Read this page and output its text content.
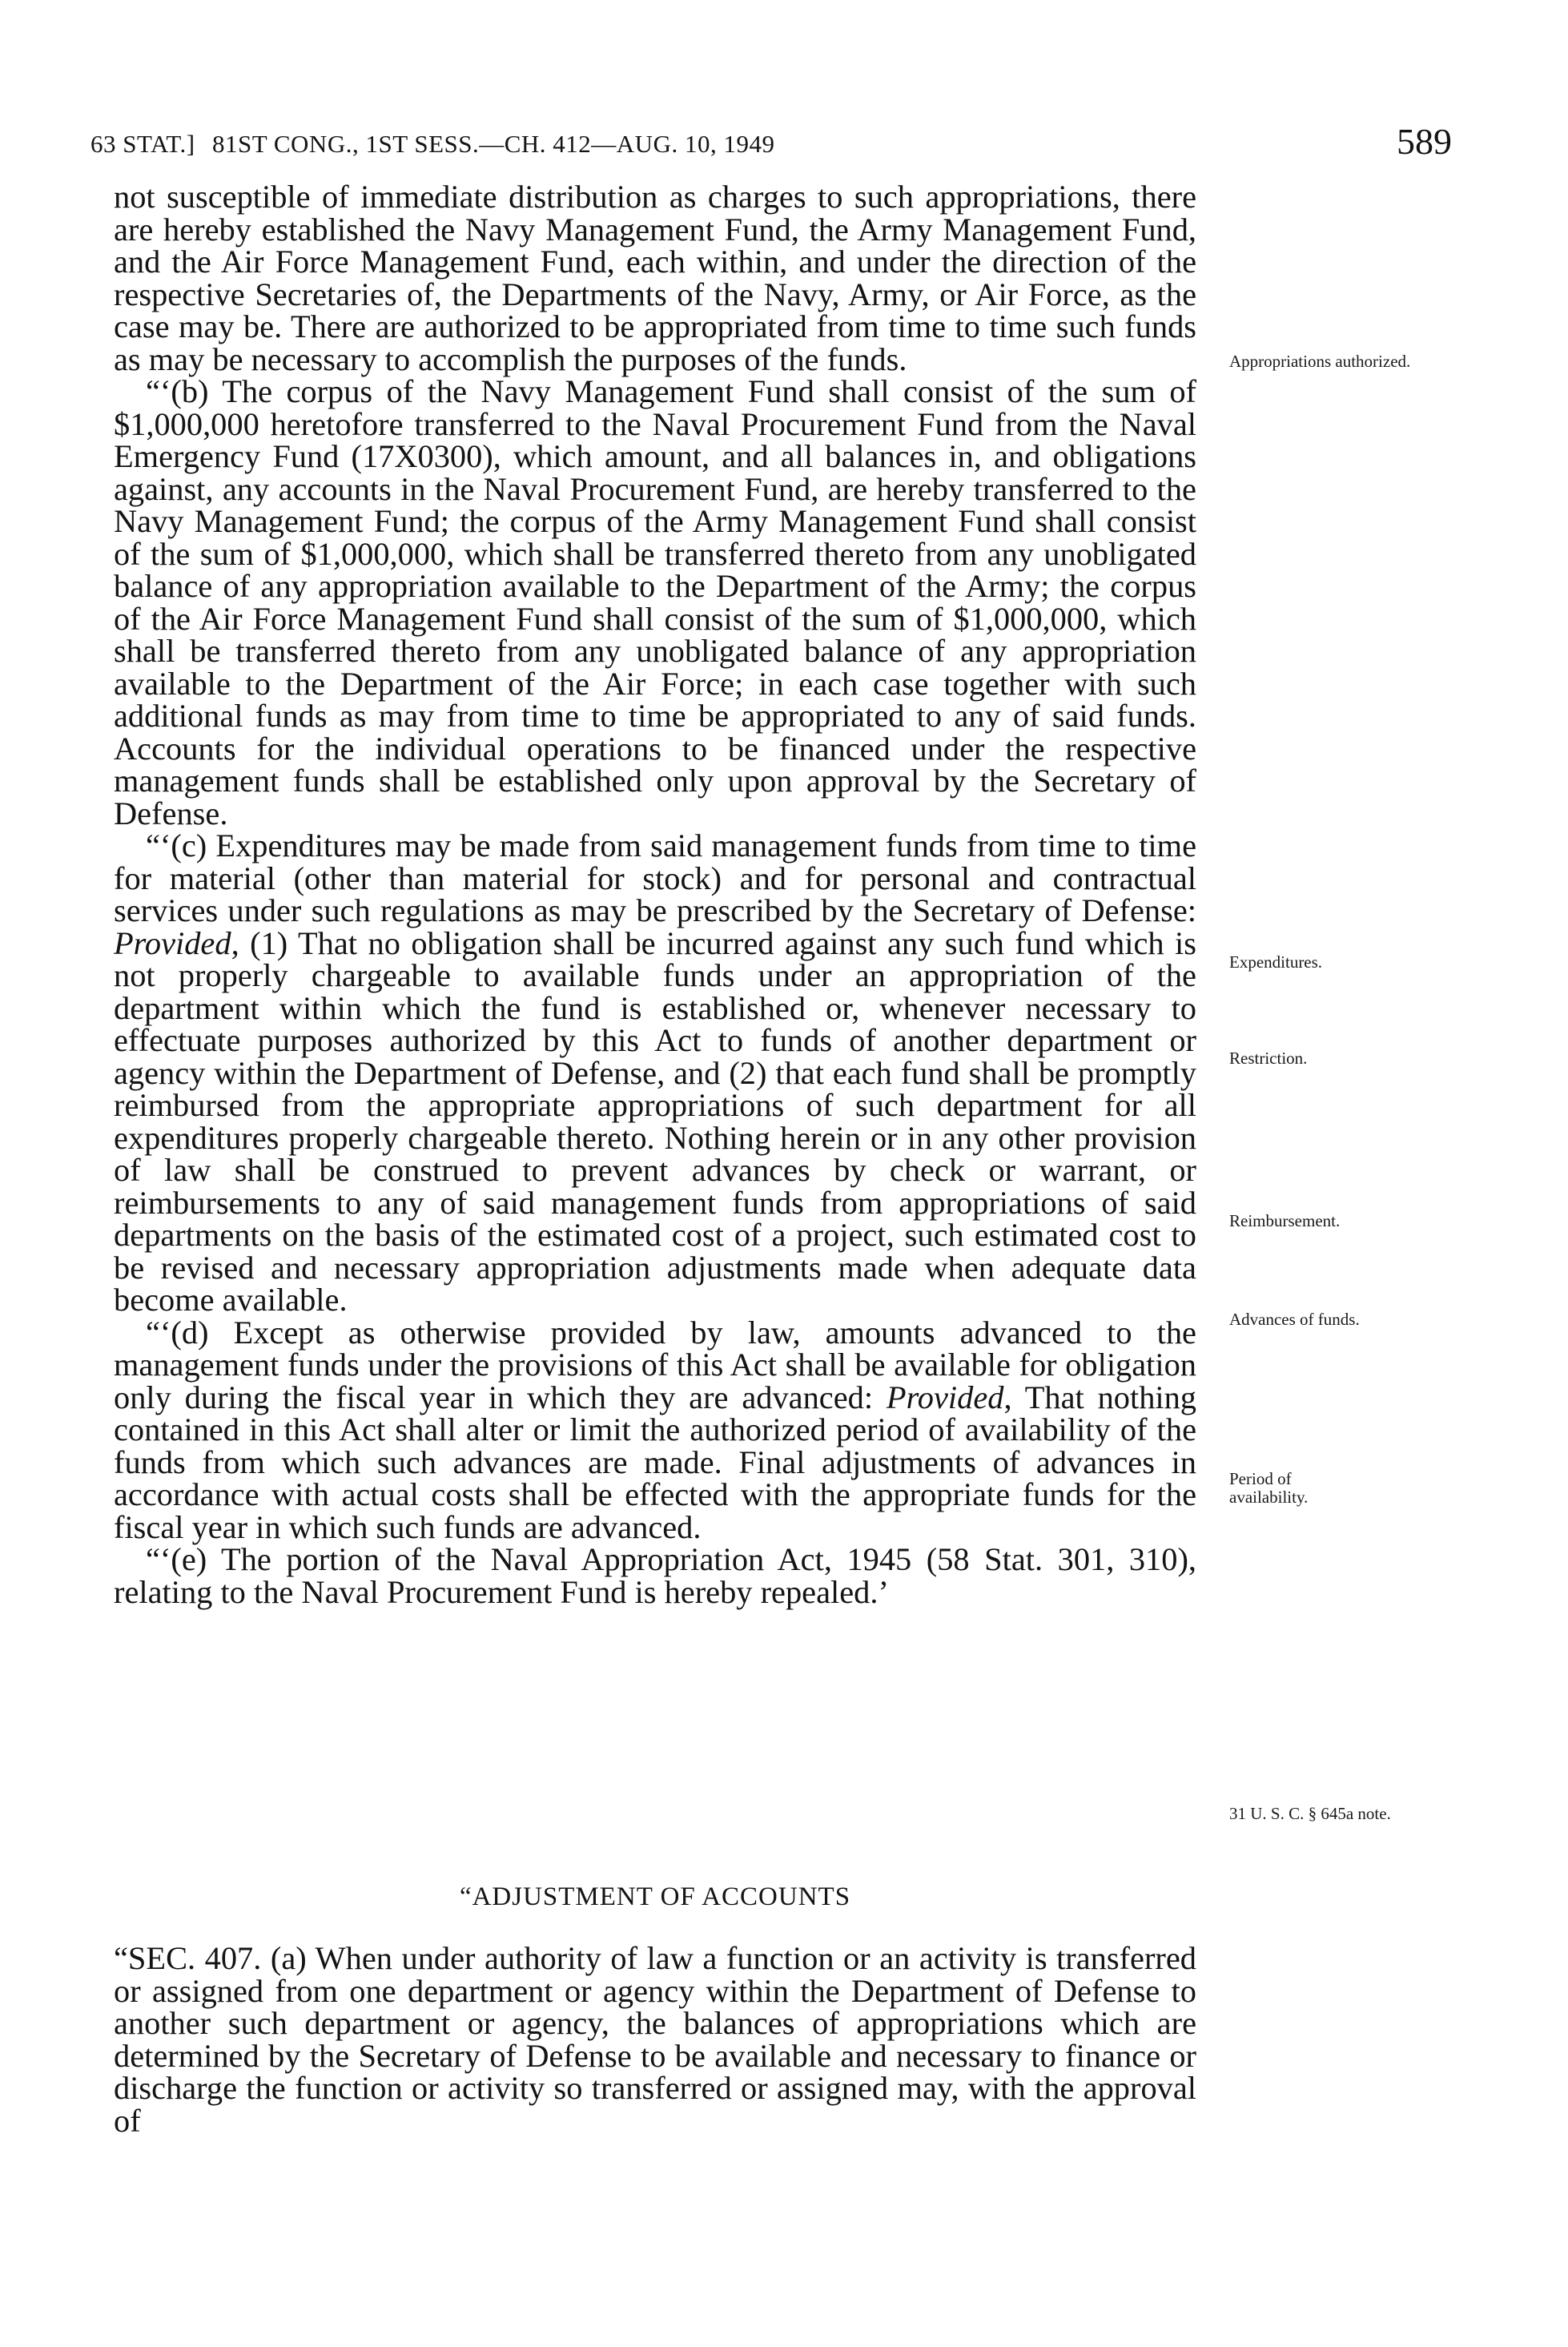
63 STAT.] 81ST CONG., 1ST SESS.—CH. 412—AUG. 10, 1949	589

not susceptible of immediate distribution as charges to such appropriations, there are hereby established the Navy Management Fund, the Army Management Fund, and the Air Force Management Fund, each within, and under the direction of the respective Secretaries of, the Departments of the Navy, Army, or Air Force, as the case may be. There are authorized to be appropriated from time to time such funds as may be necessary to accomplish the purposes of the funds.

“‘(b) The corpus of the Navy Management Fund shall consist of the sum of $1,000,000 heretofore transferred to the Naval Procurement Fund from the Naval Emergency Fund (17X0300), which amount, and all balances in, and obligations against, any accounts in the Naval Procurement Fund, are hereby transferred to the Navy Management Fund; the corpus of the Army Management Fund shall consist of the sum of $1,000,000, which shall be transferred thereto from any unobligated balance of any appropriation available to the Department of the Army; the corpus of the Air Force Management Fund shall consist of the sum of $1,000,000, which shall be transferred thereto from any unobligated balance of any appropriation available to the Department of the Air Force; in each case together with such additional funds as may from time to time be appropriated to any of said funds. Accounts for the individual operations to be financed under the respective management funds shall be established only upon approval by the Secretary of Defense.

“‘(c) Expenditures may be made from said management funds from time to time for material (other than material for stock) and for personal and contractual services under such regulations as may be prescribed by the Secretary of Defense: Provided, (1) That no obligation shall be incurred against any such fund which is not properly chargeable to available funds under an appropriation of the department within which the fund is established or, whenever necessary to effectuate purposes authorized by this Act to funds of another department or agency within the Department of Defense, and (2) that each fund shall be promptly reimbursed from the appropriate appropriations of such department for all expenditures properly chargeable thereto. Nothing herein or in any other provision of law shall be construed to prevent advances by check or warrant, or reimbursements to any of said management funds from appropriations of said departments on the basis of the estimated cost of a project, such estimated cost to be revised and necessary appropriation adjustments made when adequate data become available.

“‘(d) Except as otherwise provided by law, amounts advanced to the management funds under the provisions of this Act shall be available for obligation only during the fiscal year in which they are advanced: Provided, That nothing contained in this Act shall alter or limit the authorized period of availability of the funds from which such advances are made. Final adjustments of advances in accordance with actual costs shall be effected with the appropriate funds for the fiscal year in which such funds are advanced.

“‘(e) The portion of the Naval Appropriation Act, 1945 (58 Stat. 301, 310), relating to the Naval Procurement Fund is hereby repealed.’

“ADJUSTMENT OF ACCOUNTS

“SEC. 407. (a) When under authority of law a function or an activity is transferred or assigned from one department or agency within the Department of Defense to another such department or agency, the balances of appropriations which are determined by the Secretary of Defense to be available and necessary to finance or discharge the function or activity so transferred or assigned may, with the approval of

Appropriations authorized.
Expenditures.
Restriction.
Reimbursement.
Advances of funds.
Period of availability.
31 U. S. C. § 645a note.
